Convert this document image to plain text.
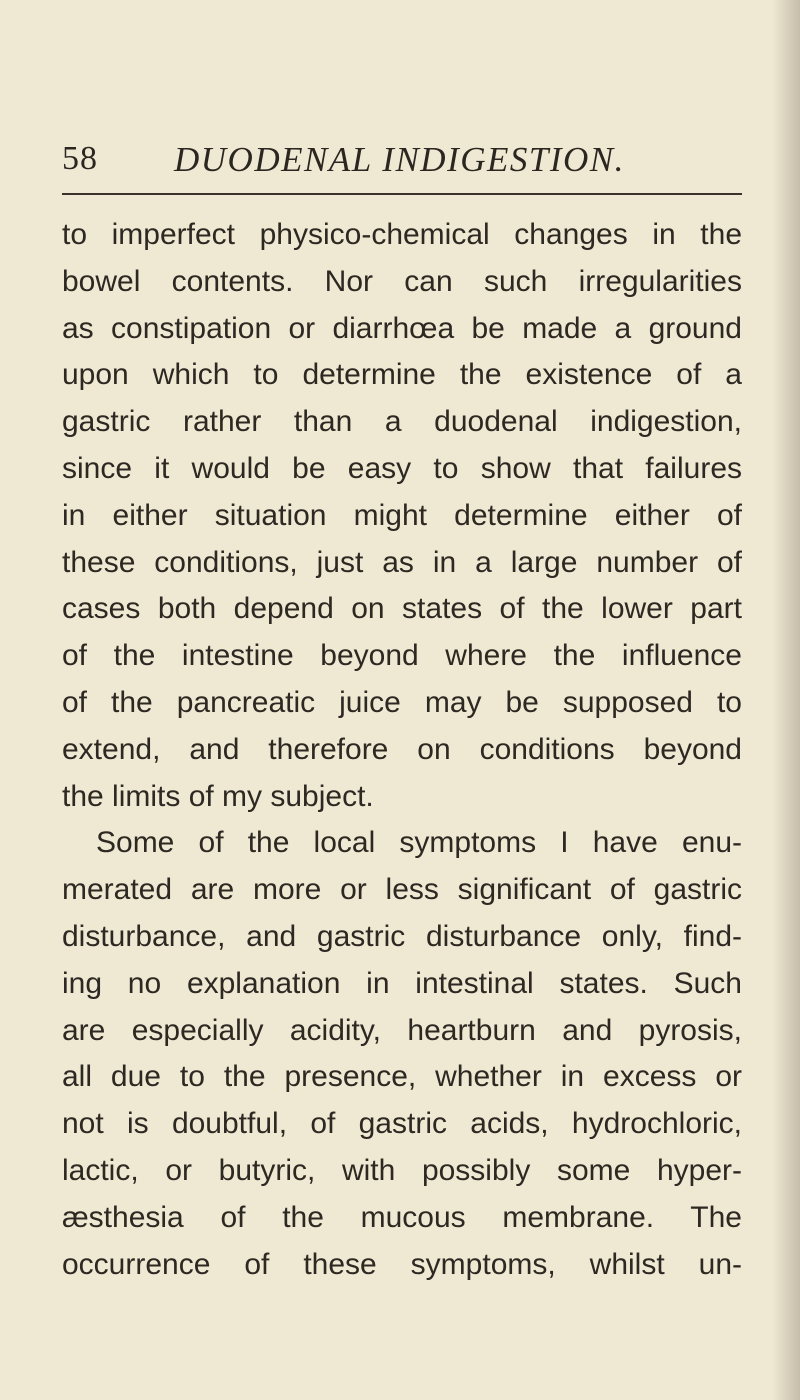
58 DUODENAL INDIGESTION.
to imperfect physico-chemical changes in the
bowel contents. Nor can such irregularities
as constipation or diarrhœa be made a ground
upon which to determine the existence of a
gastric rather than a duodenal indigestion,
since it would be easy to show that failures
in either situation might determine either of
these conditions, just as in a large number of
cases both depend on states of the lower part
of the intestine beyond where the influence
of the pancreatic juice may be supposed to
extend, and therefore on conditions beyond
the limits of my subject.
Some of the local symptoms I have enu-
merated are more or less significant of gastric
disturbance, and gastric disturbance only, find-
ing no explanation in intestinal states. Such
are especially acidity, heartburn and pyrosis,
all due to the presence, whether in excess or
not is doubtful, of gastric acids, hydrochloric,
lactic, or butyric, with possibly some hyper-
æsthesia of the mucous membrane. The
occurrence of these symptoms, whilst un-
